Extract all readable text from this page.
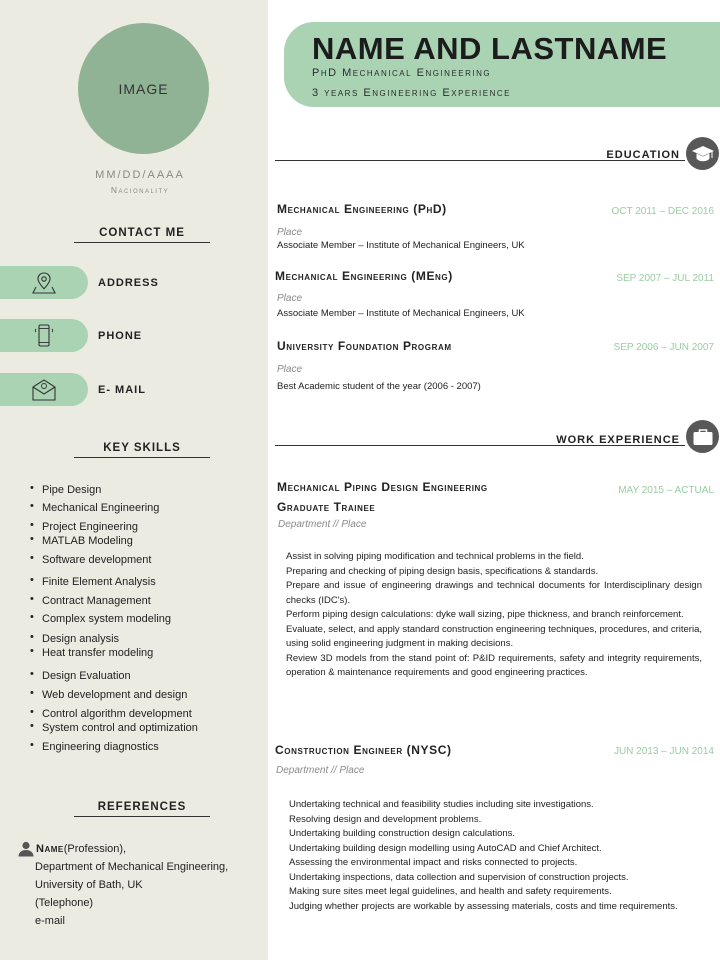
IMAGE
MM/DD/AAAA
Nacionality
CONTACT ME
ADDRESS
PHONE
E- MAIL
KEY SKILLS
• Pipe Design
• Mechanical Engineering
• Project Engineering
• MATLAB Modeling
• Software development
• Finite Element Analysis
• Contract Management
• Complex system modeling
• Design analysis
• Heat transfer modeling
• Design Evaluation
• Web development and design
• Control algorithm development
• System control and optimization
• Engineering diagnostics
REFERENCES
Name (Profession),
Department of Mechanical Engineering,
University of Bath, UK
(Telephone)
e-mail
NAME AND LASTNAME
PhD Mechanical Engineering
3 years Engineering Experience
EDUCATION
Mechanical Engineering (PhD)	OCT 2011 – DEC 2016
Place
Associate Member – Institute of Mechanical Engineers, UK
Mechanical Engineering (MEng)	SEP 2007 – JUL 2011
Place
Associate Member – Institute of Mechanical Engineers, UK
University Foundation Program	SEP 2006 – JUN 2007
Place
Best Academic student of the year (2006 - 2007)
WORK EXPERIENCE
Mechanical Piping Design Engineering
Graduate Trainee
MAY 2015 – ACTUAL
Department // Place
Assist in solving piping modification and technical problems in the field.
Preparing and checking of piping design basis, specifications & standards.
Prepare and issue of engineering drawings and technical documents for Interdisciplinary design checks (IDC's).
Perform piping design calculations: dyke wall sizing, pipe thickness, and branch reinforcement.
Evaluate, select, and apply standard construction engineering techniques, procedures, and criteria, using solid engineering judgment in making decisions.
Review 3D models from the stand point of: P&ID requirements, safety and integrity requirements, operation & maintenance requirements and good engineering practices.
Construction Engineer (NYSC)	JUN 2013 – JUN 2014
Department // Place
Undertaking technical and feasibility studies including site investigations.
Resolving design and development problems.
Undertaking building construction design calculations.
Undertaking building design modelling using AutoCAD and Chief Architect.
Assessing the environmental impact and risks connected to projects.
Undertaking inspections, data collection and supervision of construction projects.
Making sure sites meet legal guidelines, and health and safety requirements.
Judging whether projects are workable by assessing materials, costs and time requirements.
